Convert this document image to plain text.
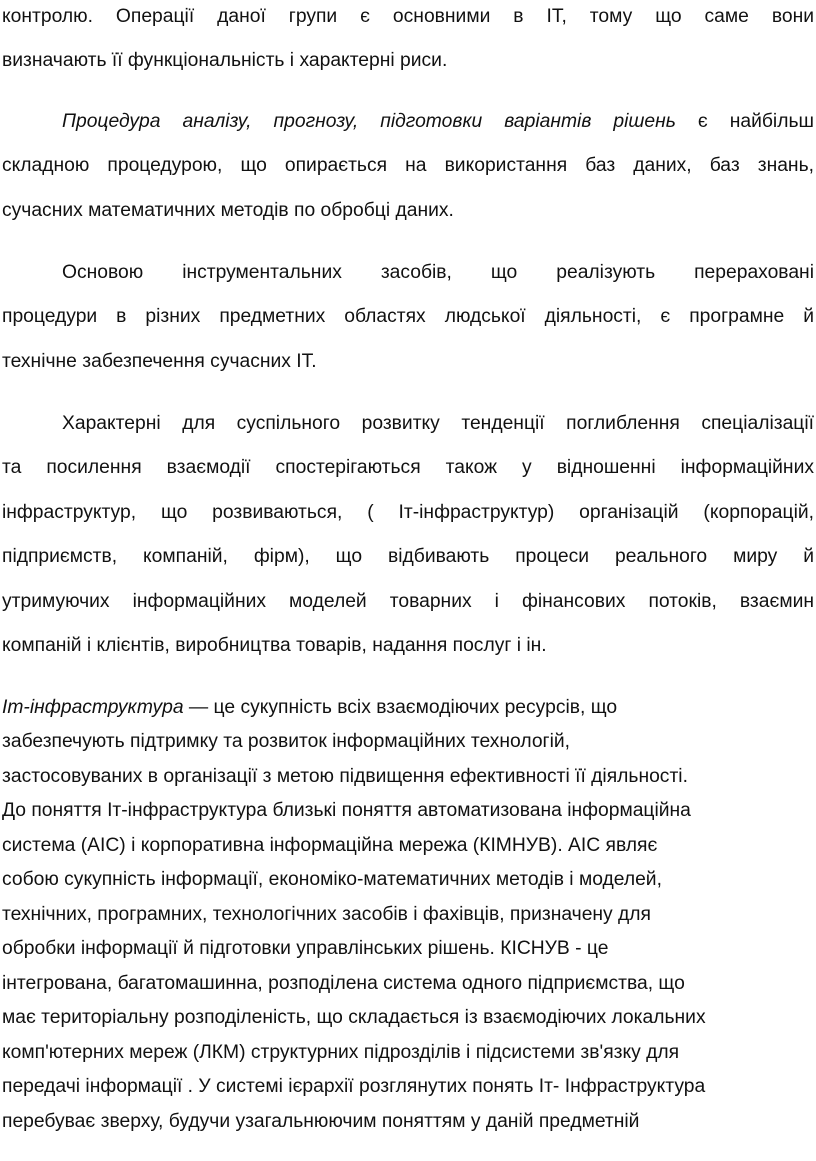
контролю. Операції даної групи є основними в ІТ, тому що саме вони
визначають її функціональність і характерні риси.
Процедура аналізу, прогнозу, підготовки варіантів рішень є найбільш
складною процедурою, що опирається на використання баз даних, баз знань,
сучасних математичних методів по обробці даних.
Основою інструментальних засобів, що реалізують перераховані
процедури в різних предметних областях людської діяльності, є програмне й
технічне забезпечення сучасних ІТ.
Характерні для суспільного розвитку тенденції поглиблення спеціалізації
та посилення взаємодії спостерігаються також у відношенні інформаційних
інфраструктур, що розвиваються, ( Іт-інфраструктур) організацій (корпорацій,
підприємств, компаній, фірм), що відбивають процеси реального миру й
утримуючих інформаційних моделей товарних і фінансових потоків, взаємин
компаній і клієнтів, виробництва товарів, надання послуг і ін.
Іт-інфраструктура — це сукупність всіх взаємодіючих ресурсів, що
забезпечують підтримку та розвиток інформаційних технологій,
застосовуваних в організації з метою підвищення ефективності її діяльності.
До поняття Іт-інфраструктура близькі поняття автоматизована інформаційна
система (АІС) і корпоративна інформаційна мережа (КІМНУВ). АІС являє
собою сукупність інформації, економіко-математичних методів і моделей,
технічних, програмних, технологічних засобів і фахівців, призначену для
обробки інформації й підготовки управлінських рішень. КІСНУВ - це
інтегрована, багатомашинна, розподілена система одного підприємства, що
має територіальну розподіленість, що складається із взаємодіючих локальних
комп'ютерних мереж (ЛКМ) структурних підрозділів і підсистеми зв'язку для
передачі інформації . У системі ієрархії розглянутих понять Іт- Інфраструктура
перебуває зверху, будучи узагальнюючим поняттям у даній предметній
